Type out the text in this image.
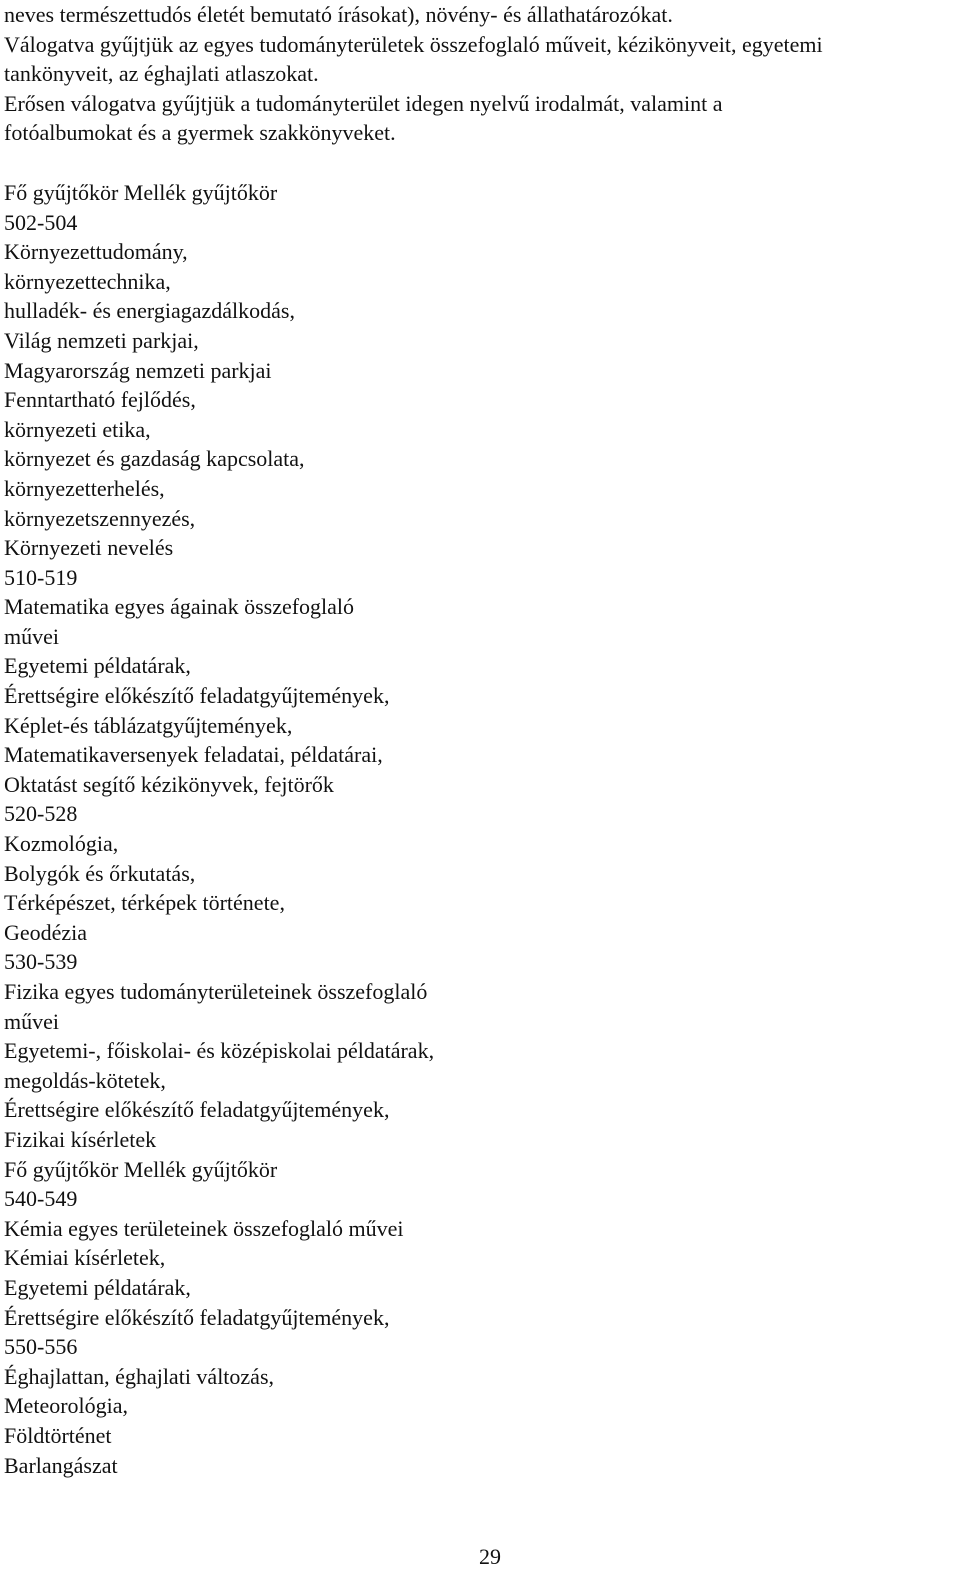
neves természettudós életét bemutató írásokat), növény- és állathatározókat.

Válogatva gyűjtjük az egyes tudományterületek összefoglaló műveit, kézikönyveit, egyetemi

tankönyveit, az éghajlati atlaszokat.

Erősen válogatva gyűjtjük a tudományterület idegen nyelvű irodalmát, valamint a

fotóalbumokat és a gyermek szakkönyveket.

Fő gyűjtőkör Mellék gyűjtőkör

502-504

Környezettudomány,

környezettechnika,

hulladék- és energiagazdálkodás,

Világ nemzeti parkjai,

Magyarország nemzeti parkjai

Fenntartható fejlődés,

környezeti etika,

környezet és gazdaság kapcsolata,

környezetterhelés,

környezetszennyezés,

Környezeti nevelés

510-519

Matematika egyes ágainak összefoglaló

művei

Egyetemi példatárak,

Érettségire előkészítő feladatgyűjtemények,

Képlet-és táblázatgyűjtemények,

Matematikaversenyek feladatai, példatárai,

Oktatást segítő kézikönyvek, fejtörők

520-528

Kozmológia,

Bolygók és őrkutatás,

Térképészet, térképek története,

Geodézia

530-539

Fizika egyes tudományterületeinek összefoglaló

művei

Egyetemi-, főiskolai- és középiskolai példatárak,

megoldás-kötetek,

Érettségire előkészítő feladatgyűjtemények,

Fizikai kísérletek

Fő gyűjtőkör Mellék gyűjtőkör

540-549

Kémia egyes területeinek összefoglaló művei

Kémiai kísérletek,

Egyetemi példatárak,

Érettségire előkészítő feladatgyűjtemények,

550-556

Éghajlattan, éghajlati változás,

Meteorológia,

Földtörténet

Barlangászat

29
